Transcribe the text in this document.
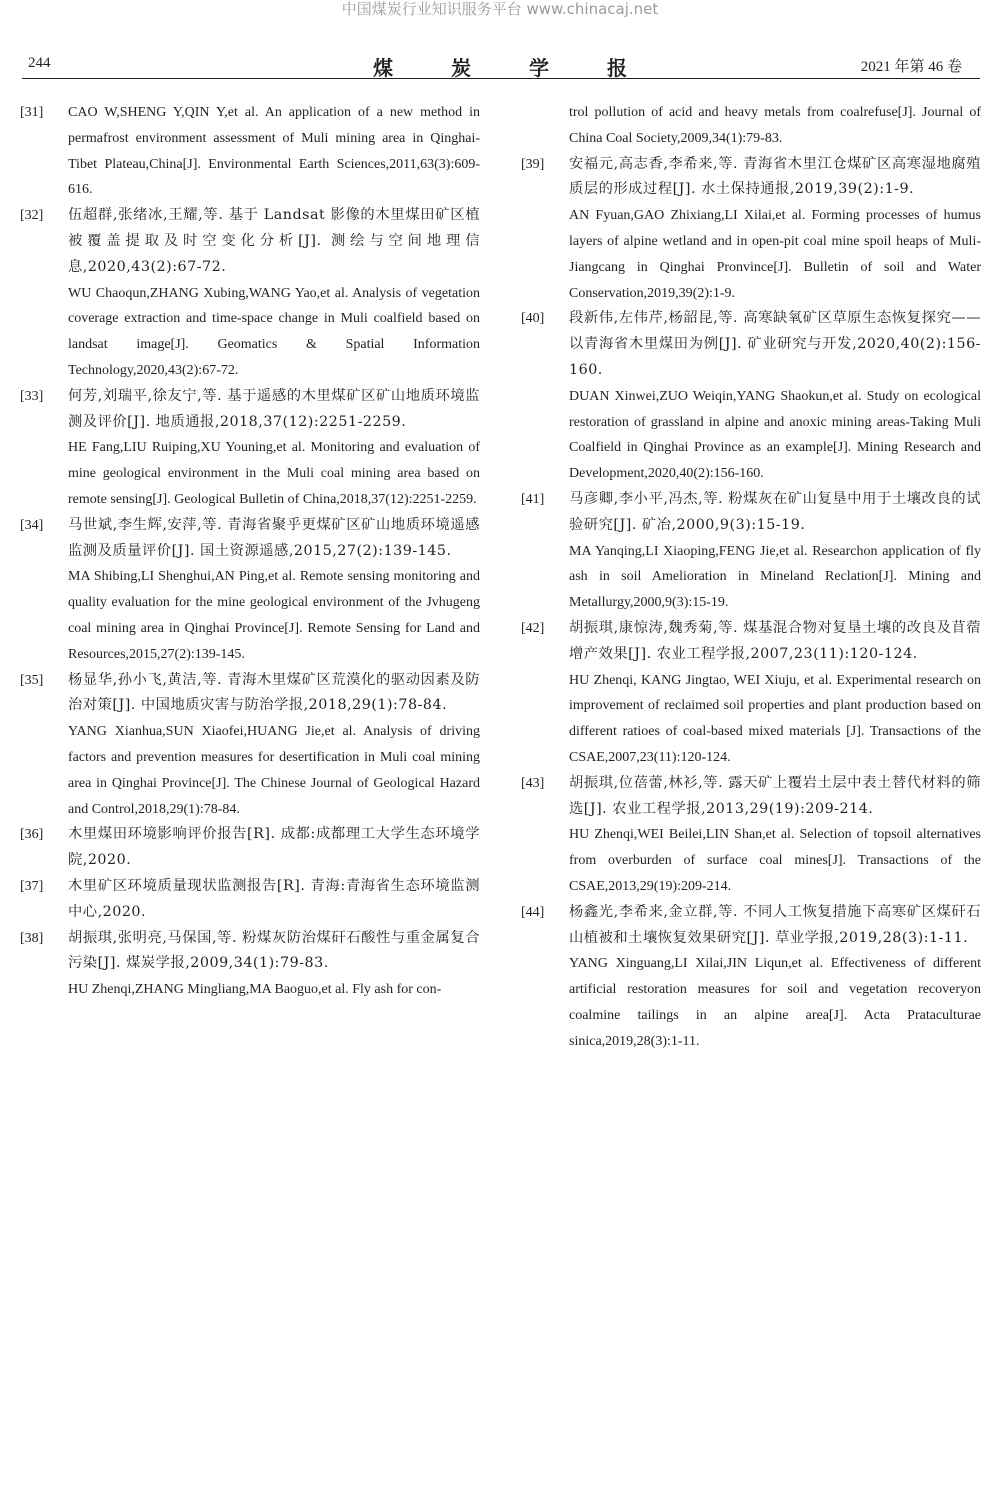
中国煤炭行业知识服务平台 www.chinacaj.net
244	煤炭学报	2021 年第 46 卷
[31]	CAO W,SHENG Y,QIN Y,et al. An application of a new method in permafrost environment assessment of Muli mining area in Qinghai-Tibet Plateau,China[J]. Environmental Earth Sciences,2011,63(3):609-616.
[32]	伍超群,张绪冰,王耀,等. 基于 Landsat 影像的木里煤田矿区植被覆盖提取及时空变化分析[J]. 测绘与空间地理信息,2020,43(2):67-72.
WU Chaoqun,ZHANG Xubing,WANG Yao,et al. Analysis of vegetation coverage extraction and time-space change in Muli coalfield based on landsat image[J]. Geomatics & Spatial Information Technology,2020,43(2):67-72.
[33]	何芳,刘瑞平,徐友宁,等. 基于遥感的木里煤矿区矿山地质环境监测及评价[J]. 地质通报,2018,37(12):2251-2259.
HE Fang,LIU Ruiping,XU Youning,et al. Monitoring and evaluation of mine geological environment in the Muli coal mining area based on remote sensing[J]. Geological Bulletin of China,2018,37(12):2251-2259.
[34]	马世斌,李生辉,安萍,等. 青海省聚乎更煤矿区矿山地质环境遥感监测及质量评价[J]. 国土资源遥感,2015,27(2):139-145.
MA Shibing,LI Shenghui,AN Ping,et al. Remote sensing monitoring and quality evaluation for the mine geological environment of the Jvhugeng coal mining area in Qinghai Province[J]. Remote Sensing for Land and Resources,2015,27(2):139-145.
[35]	杨显华,孙小飞,黄洁,等. 青海木里煤矿区荒漠化的驱动因素及防治对策[J]. 中国地质灾害与防治学报,2018,29(1):78-84.
YANG Xianhua,SUN Xiaofei,HUANG Jie,et al. Analysis of driving factors and prevention measures for desertification in Muli coal mining area in Qinghai Province[J]. The Chinese Journal of Geological Hazard and Control,2018,29(1):78-84.
[36]	木里煤田环境影响评价报告[R]. 成都:成都理工大学生态环境学院,2020.
[37]	木里矿区环境质量现状监测报告[R]. 青海:青海省生态环境监测中心,2020.
[38]	胡振琪,张明亮,马保国,等. 粉煤灰防治煤矸石酸性与重金属复合污染[J]. 煤炭学报,2009,34(1):79-83.
HU Zhenqi,ZHANG Mingliang,MA Baoguo,et al. Fly ash for con-
trol pollution of acid and heavy metals from coalrefuse[J]. Journal of China Coal Society,2009,34(1):79-83.
[39]	安福元,高志香,李希来,等. 青海省木里江仓煤矿区高寒湿地腐殖质层的形成过程[J]. 水土保持通报,2019,39(2):1-9.
AN Fyuan,GAO Zhixiang,LI Xilai,et al. Forming processes of humus layers of alpine wetland and in open-pit coal mine spoil heaps of Muli-Jiangcang in Qinghai Pronvince[J]. Bulletin of soil and Water Conservation,2019,39(2):1-9.
[40]	段新伟,左伟芹,杨韶昆,等. 高寒缺氧矿区草原生态恢复探究——以青海省木里煤田为例[J]. 矿业研究与开发,2020,40(2):156-160.
DUAN Xinwei,ZUO Weiqin,YANG Shaokun,et al. Study on ecological restoration of grassland in alpine and anoxic mining areas-Taking Muli Coalfield in Qinghai Province as an example[J]. Mining Research and Development,2020,40(2):156-160.
[41]	马彦卿,李小平,冯杰,等. 粉煤灰在矿山复垦中用于土壤改良的试验研究[J]. 矿冶,2000,9(3):15-19.
MA Yanqing,LI Xiaoping,FENG Jie,et al. Researchon application of fly ash in soil Amelioration in Mineland Reclation[J]. Mining and Metallurgy,2000,9(3):15-19.
[42]	胡振琪,康惊涛,魏秀菊,等. 煤基混合物对复垦土壤的改良及苜蓿增产效果[J]. 农业工程学报,2007,23(11):120-124.
HU Zhenqi, KANG Jingtao, WEI Xiuju, et al. Experimental research on improvement of reclaimed soil properties and plant production based on different ratioes of coal-based mixed materials [J]. Transactions of the CSAE,2007,23(11):120-124.
[43]	胡振琪,位蓓蕾,林衫,等. 露天矿上覆岩土层中表土替代材料的筛选[J]. 农业工程学报,2013,29(19):209-214.
HU Zhenqi,WEI Beilei,LIN Shan,et al. Selection of topsoil alternatives from overburden of surface coal mines[J]. Transactions of the CSAE,2013,29(19):209-214.
[44]	杨鑫光,李希来,金立群,等. 不同人工恢复措施下高寒矿区煤矸石山植被和土壤恢复效果研究[J]. 草业学报,2019,28(3):1-11.
YANG Xinguang,LI Xilai,JIN Liqun,et al. Effectiveness of different artificial restoration measures for soil and vegetation recoveryon coalmine tailings in an alpine area[J]. Acta Prataculturae sinica,2019,28(3):1-11.
